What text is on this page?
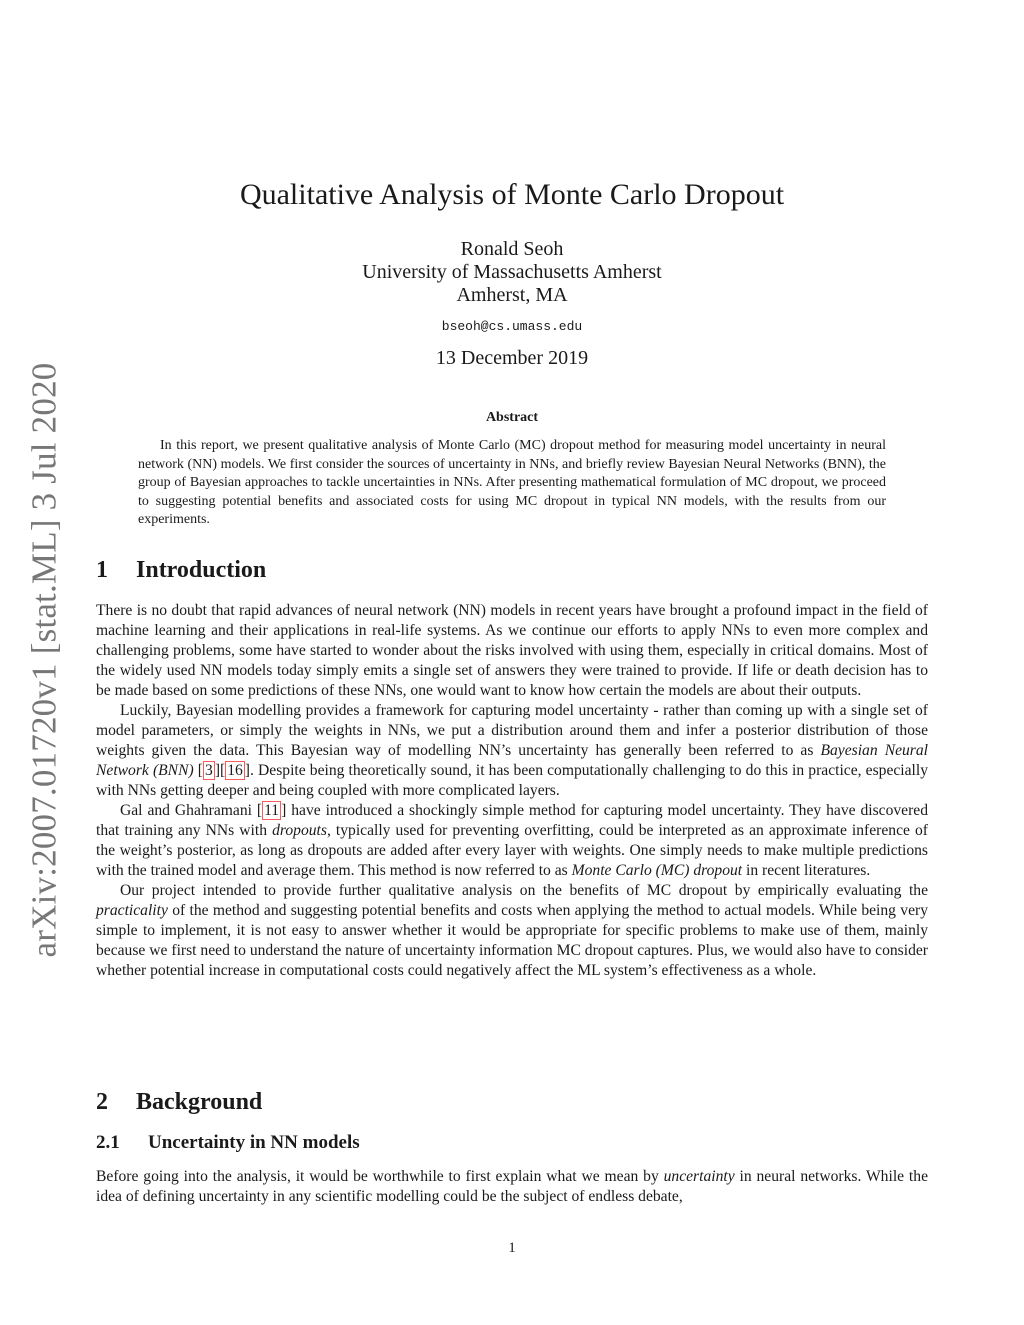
arXiv:2007.01720v1 [stat.ML] 3 Jul 2020
Qualitative Analysis of Monte Carlo Dropout
Ronald Seoh
University of Massachusetts Amherst
Amherst, MA
bseoh@cs.umass.edu
13 December 2019
Abstract

In this report, we present qualitative analysis of Monte Carlo (MC) dropout method for measuring model uncertainty in neural network (NN) models. We first consider the sources of uncertainty in NNs, and briefly review Bayesian Neural Networks (BNN), the group of Bayesian approaches to tackle uncertainties in NNs. After presenting mathematical formulation of MC dropout, we proceed to suggesting potential benefits and associated costs for using MC dropout in typical NN models, with the results from our experiments.

1 Introduction

There is no doubt that rapid advances of neural network (NN) models in recent years have brought a profound impact in the field of machine learning and their applications in real-life systems. As we continue our efforts to apply NNs to even more complex and challenging problems, some have started to wonder about the risks involved with using them, especially in critical domains. Most of the widely used NN models today simply emits a single set of answers they were trained to provide. If life or death decision has to be made based on some predictions of these NNs, one would want to know how certain the models are about their outputs.

Luckily, Bayesian modelling provides a framework for capturing model uncertainty - rather than coming up with a single set of model parameters, or simply the weights in NNs, we put a distribution around them and infer a posterior distribution of those weights given the data. This Bayesian way of modelling NN’s uncertainty has generally been referred to as Bayesian Neural Network (BNN) [ 3 ][ 16 ]. Despite being theoretically sound, it has been computationally challenging to do this in practice, especially with NNs getting deeper and being coupled with more complicated layers.

Gal and Ghahramani [ 11 ] have introduced a shockingly simple method for capturing model uncertainty. They have discovered that training any NNs with dropouts, typically used for preventing overfitting, could be interpreted as an approximate inference of the weight’s posterior, as long as dropouts are added after every layer with weights. One simply needs to make multiple predictions with the trained model and average them. This method is now referred to as Monte Carlo (MC) dropout in recent literatures.

Our project intended to provide further qualitative analysis on the benefits of MC dropout by empirically evaluating the practicality of the method and suggesting potential benefits and costs when applying the method to actual models. While being very simple to implement, it is not easy to answer whether it would be appropriate for specific problems to make use of them, mainly because we first need to understand the nature of uncertainty information MC dropout captures. Plus, we would also have to consider whether potential increase in computational costs could negatively affect the ML system’s effectiveness as a whole.

2 Background
2.1 Uncertainty in NN models

Before going into the analysis, it would be worthwhile to first explain what we mean by uncertainty in neural networks. While the idea of defining uncertainty in any scientific modelling could be the subject of endless debate,

1
